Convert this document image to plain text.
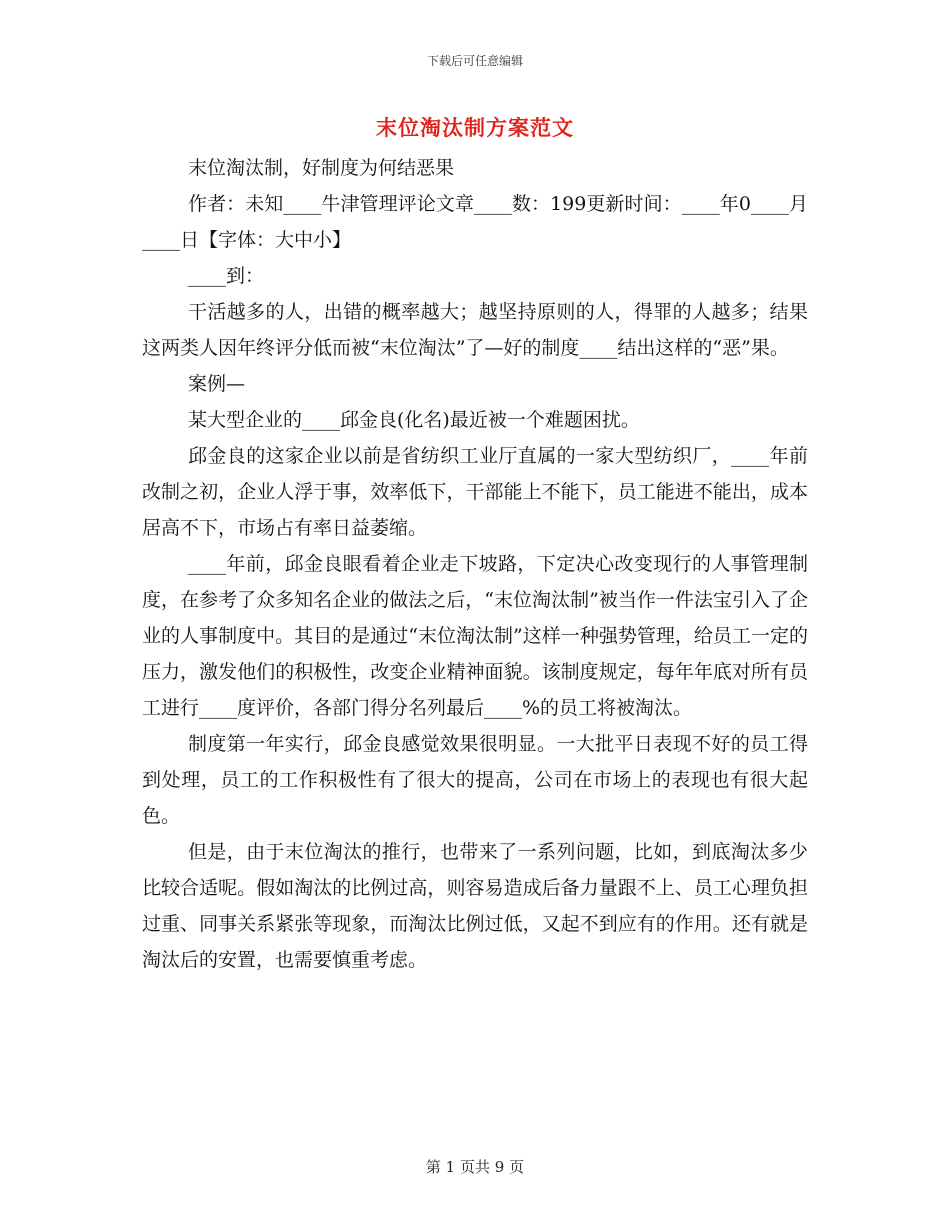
下载后可任意编辑
末位淘汰制方案范文

末位淘汰制，好制度为何结恶果

作者：未知____牛津管理评论文章____数：199更新时间：____年0____月____日【字体：大中小】

____到：

干活越多的人，出错的概率越大；越坚持原则的人，得罪的人越多；结果这两类人因年终评分低而被“末位淘汰”了—好的制度____结出这样的“恶”果。

案例—

某大型企业的____邱金良(化名)最近被一个难题困扰。

邱金良的这家企业以前是省纺织工业厅直属的一家大型纺织厂，____年前改制之初，企业人浮于事，效率低下，干部能上不能下，员工能进不能出，成本居高不下，市场占有率日益萎缩。

____年前，邱金良眼看着企业走下坡路，下定决心改变现行的人事管理制度，在参考了众多知名企业的做法之后，“末位淘汰制”被当作一件法宝引入了企业的人事制度中。其目的是通过“末位淘汰制”这样一种强势管理，给员工一定的压力，激发他们的积极性，改变企业精神面貌。该制度规定，每年年底对所有员工进行____度评价，各部门得分名列最后____%的员工将被淘汰。

制度第一年实行，邱金良感觉效果很明显。一大批平日表现不好的员工得到处理，员工的工作积极性有了很大的提高，公司在市场上的表现也有很大起色。

但是，由于末位淘汰的推行，也带来了一系列问题，比如，到底淘汰多少比较合适呢。假如淘汰的比例过高，则容易造成后备力量跟不上、员工心理负担过重、同事关系紧张等现象，而淘汰比例过低，又起不到应有的作用。还有就是淘汰后的安置，也需要慎重考虑。

第 1 页共 9 页
